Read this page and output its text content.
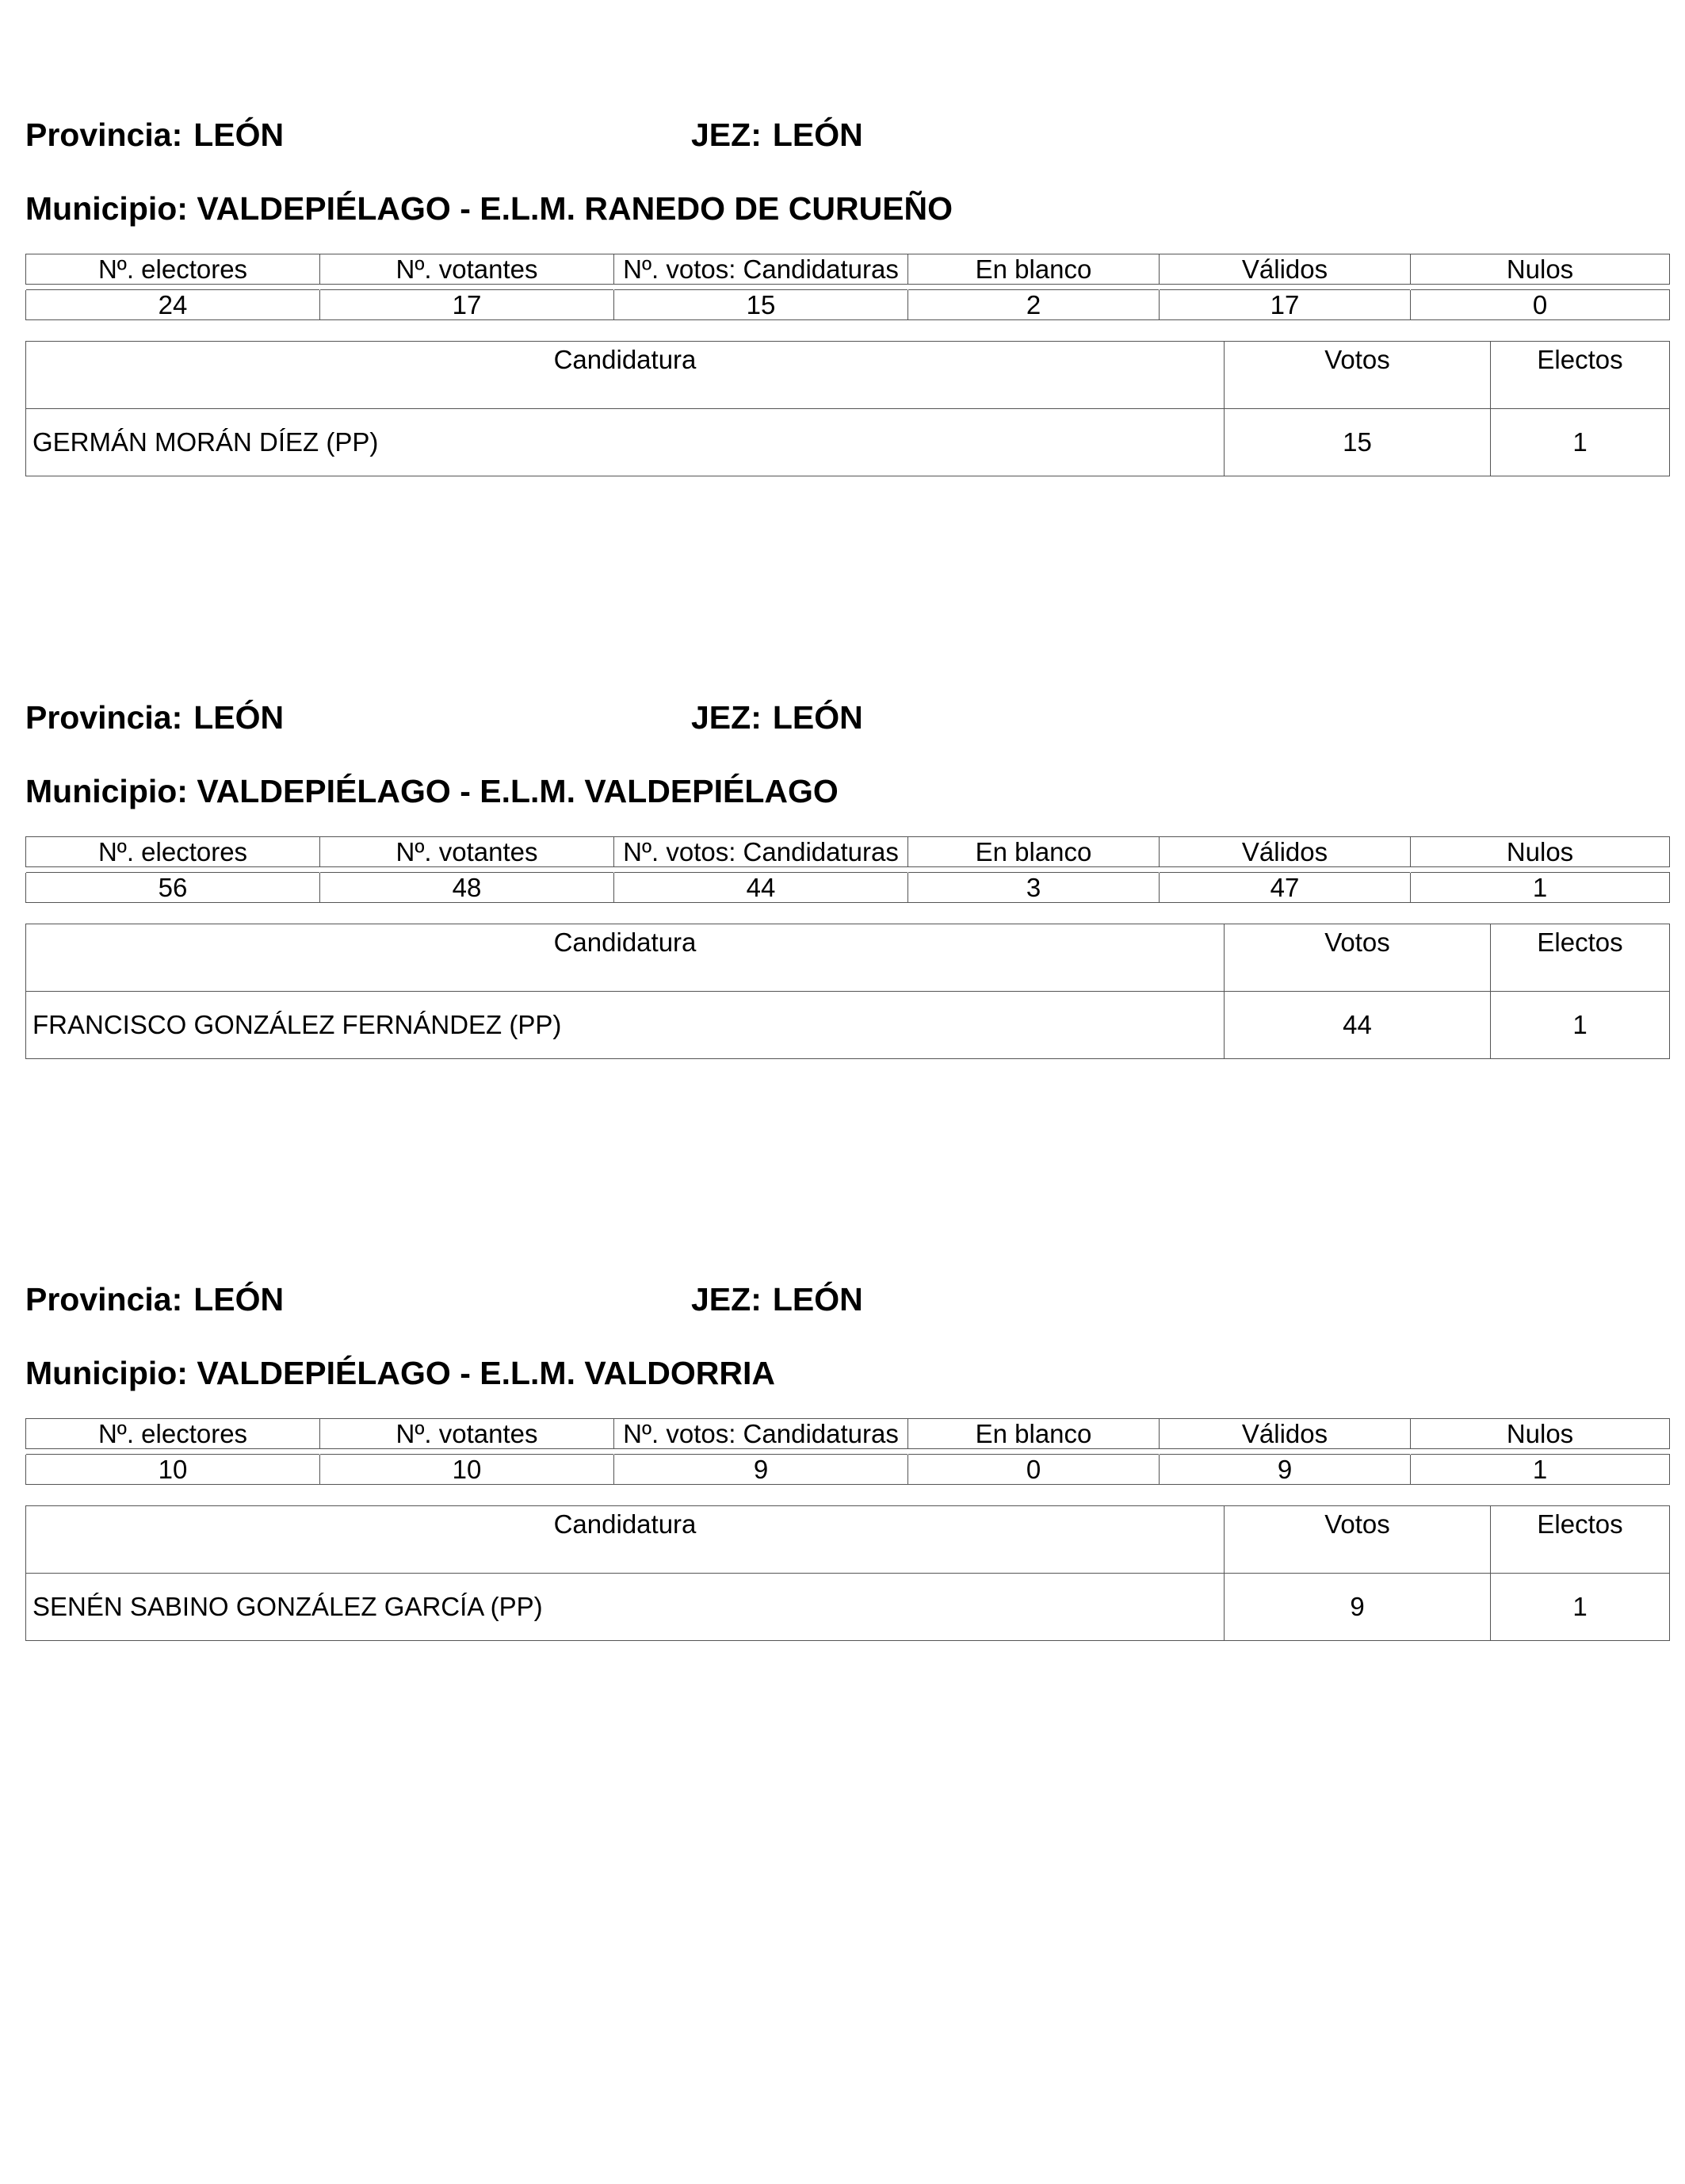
Provincia: LEÓN	JEZ: LEÓN
Municipio: VALDEPIÉLAGO - E.L.M. RANEDO DE CURUEÑO
Nº. electores	Nº. votantes	Nº. votos: Candidaturas	En blanco	Válidos	Nulos

24	17	15	2	17	0
Candidatura	Votos	Electos
GERMÁN MORÁN DÍEZ (PP)	15	1
Provincia: LEÓN	JEZ: LEÓN
Municipio: VALDEPIÉLAGO - E.L.M. VALDEPIÉLAGO
Nº. electores	Nº. votantes	Nº. votos: Candidaturas	En blanco	Válidos	Nulos

56	48	44	3	47	1
Candidatura	Votos	Electos
FRANCISCO GONZÁLEZ FERNÁNDEZ (PP)	44	1
Provincia: LEÓN	JEZ: LEÓN
Municipio: VALDEPIÉLAGO - E.L.M. VALDORRIA
Nº. electores	Nº. votantes	Nº. votos: Candidaturas	En blanco	Válidos	Nulos

10	10	9	0	9	1
Candidatura	Votos	Electos
SENÉN SABINO GONZÁLEZ GARCÍA (PP)	9	1
